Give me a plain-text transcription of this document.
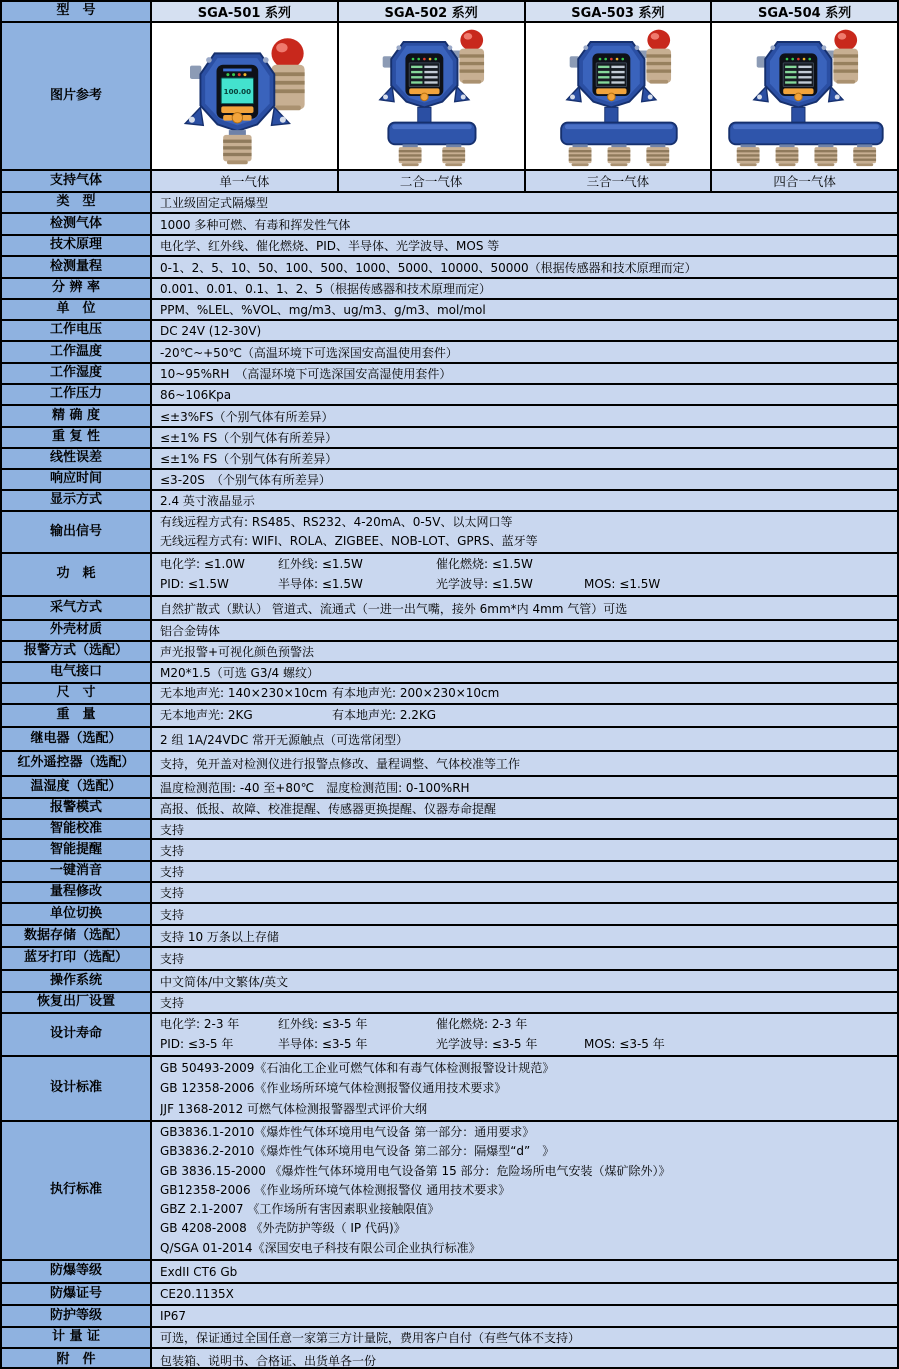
型　号	SGA-501 系列	SGA-502 系列	SGA-503 系列	SGA-504 系列
图片参考	100.00
支持气体	单一气体	二合一气体	三合一气体	四合一气体
类　型	工业级固定式隔爆型
检测气体	1000 多种可燃、有毒和挥发性气体
技术原理	电化学、红外线、催化燃烧、PID、半导体、光学波导、MOS 等
检测量程	0-1、2、5、10、50、100、500、1000、5000、10000、50000（根据传感器和技术原理而定）
分 辨 率	0.001、0.01、0.1、1、2、5（根据传感器和技术原理而定）
单　位	PPM、%LEL、%VOL、mg/m3、ug/m3、g/m3、mol/mol
工作电压	DC 24V (12-30V)
工作温度	-20℃~+50℃（高温环境下可选深国安高温使用套件）
工作湿度	10~95%RH　（高湿环境下可选深国安高湿使用套件）
工作压力	86~106Kpa
精 确 度	≤±3%FS（个别气体有所差异）
重 复 性	≤±1% FS（个别气体有所差异）
线性误差	≤±1% FS（个别气体有所差异）
响应时间	≤3-20S　（个别气体有所差异）
显示方式	2.4 英寸液晶显示
输出信号
有线远程方式有: RS485、RS232、4-20mA、0-5V、以太网口等
无线远程方式有: WIFI、ROLA、ZIGBEE、NOB-LOT、GPRS、蓝牙等
功　耗
电化学: ≤1.0W	红外线: ≤1.5W	催化燃烧: ≤1.5W
PID: ≤1.5W	半导体: ≤1.5W	光学波导: ≤1.5W	MOS: ≤1.5W
采气方式	自然扩散式（默认） 管道式、流通式（一进一出气嘴，接外 6mm*内 4mm 气管）可选
外壳材质	铝合金铸体
报警方式（选配）	声光报警+可视化颜色预警法
电气接口	M20*1.5（可选 G3/4 螺纹）
尺　寸	无本地声光: 140×230×10cm 有本地声光: 200×230×10cm
重　量	无本地声光: 2KG	有本地声光: 2.2KG
继电器（选配）	2 组 1A/24VDC 常开无源触点（可选常闭型）
红外遥控器（选配）	支持，免开盖对检测仪进行报警点修改、量程调整、气体校准等工作
温湿度（选配）	温度检测范围: -40 至+80℃　湿度检测范围: 0-100%RH
报警模式	高报、低报、故障、校准提醒、传感器更换提醒、仪器寿命提醒
智能校准	支持
智能提醒	支持
一键消音	支持
量程修改	支持
单位切换	支持
数据存储（选配）	支持 10 万条以上存储
蓝牙打印（选配）	支持
操作系统	中文简体/中文繁体/英文
恢复出厂设置	支持
设计寿命
电化学: 2-3 年	红外线: ≤3-5 年	催化燃烧: 2-3 年
PID: ≤3-5 年	半导体: ≤3-5 年	光学波导: ≤3-5 年	MOS: ≤3-5 年
设计标准
GB 50493-2009《石油化工企业可燃气体和有毒气体检测报警设计规范》
GB 12358-2006《作业场所环境气体检测报警仪通用技术要求》
JJF 1368-2012 可燃气体检测报警器型式评价大纲
执行标准
GB3836.1-2010《爆炸性气体环境用电气设备 第一部分：通用要求》
GB3836.2-2010《爆炸性气体环境用电气设备 第二部分：隔爆型“d”　》
GB 3836.15-2000 《爆炸性气体环境用电气设备第 15 部分：危险场所电气安装（煤矿除外）》
GB12358-2006 《作业场所环境气体检测报警仪 通用技术要求》
GBZ 2.1-2007 《工作场所有害因素职业接触限值》
GB 4208-2008 《外壳防护等级（ IP 代码)》
Q/SGA 01-2014《深国安电子科技有限公司企业执行标准》
防爆等级	ExdII CT6 Gb
防爆证号	CE20.1135X
防护等级	IP67
计 量 证	可选，保证通过全国任意一家第三方计量院，费用客户自付（有些气体不支持）
附　件	包装箱、说明书、合格证、出货单各一份
